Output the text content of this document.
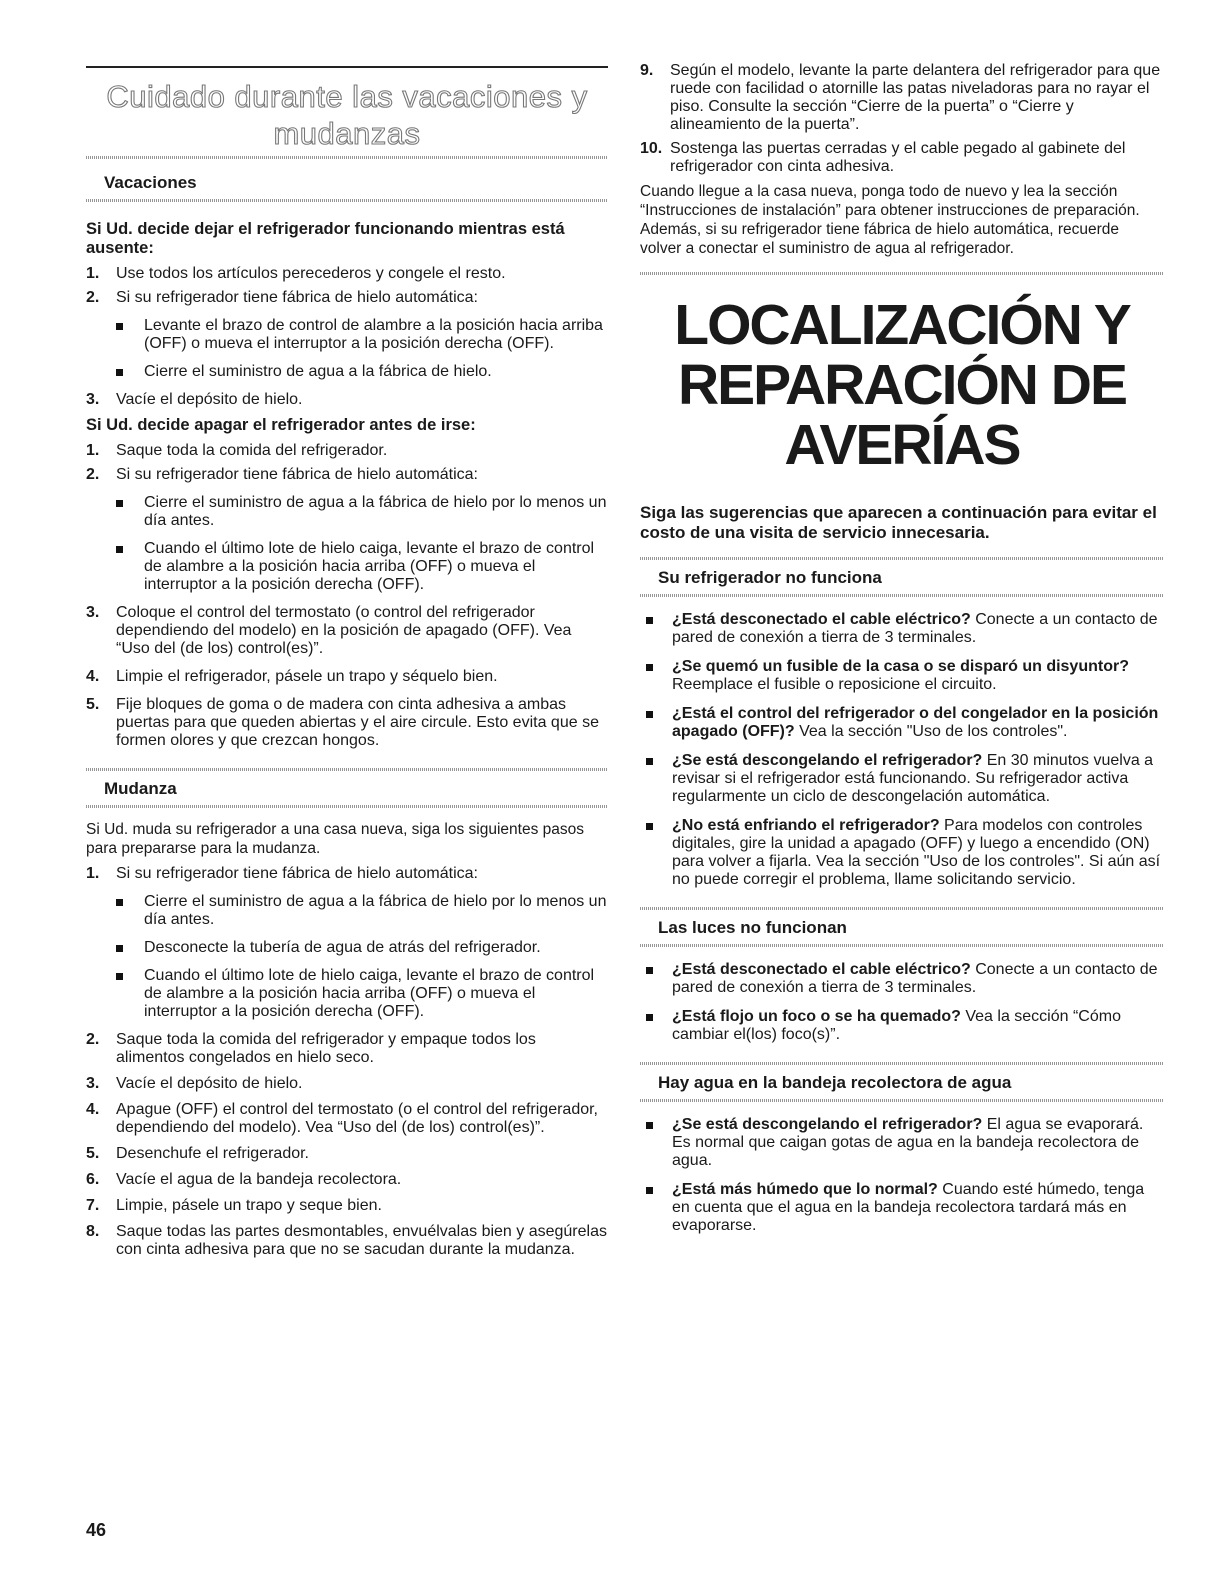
Cuidado durante las vacaciones y
mudanzas
Vacaciones

Si Ud. decide dejar el refrigerador funcionando mientras está ausente:

1. Use todos los artículos perecederos y congele el resto.
2. Si su refrigerador tiene fábrica de hielo automática:
Levante el brazo de control de alambre a la posición hacia arriba (OFF) o mueva el interruptor a la posición derecha (OFF).
Cierre el suministro de agua a la fábrica de hielo.
3. Vacíe el depósito de hielo.

Si Ud. decide apagar el refrigerador antes de irse:

1. Saque toda la comida del refrigerador.
2. Si su refrigerador tiene fábrica de hielo automática:
Cierre el suministro de agua a la fábrica de hielo por lo menos un día antes.
Cuando el último lote de hielo caiga, levante el brazo de control de alambre a la posición hacia arriba (OFF) o mueva el interruptor a la posición derecha (OFF).
3. Coloque el control del termostato (o control del refrigerador dependiendo del modelo) en la posición de apagado (OFF). Vea “Uso del (de los) control(es)”.
4. Limpie el refrigerador, pásele un trapo y séquelo bien.
5. Fije bloques de goma o de madera con cinta adhesiva a ambas puertas para que queden abiertas y el aire circule. Esto evita que se formen olores y que crezcan hongos.
Mudanza

Si Ud. muda su refrigerador a una casa nueva, siga los siguientes pasos para prepararse para la mudanza.

1. Si su refrigerador tiene fábrica de hielo automática:
Cierre el suministro de agua a la fábrica de hielo por lo menos un día antes.
Desconecte la tubería de agua de atrás del refrigerador.
Cuando el último lote de hielo caiga, levante el brazo de control de alambre a la posición hacia arriba (OFF) o mueva el interruptor a la posición derecha (OFF).
2. Saque toda la comida del refrigerador y empaque todos los alimentos congelados en hielo seco.
3. Vacíe el depósito de hielo.
4. Apague (OFF) el control del termostato (o el control del refrigerador, dependiendo del modelo). Vea “Uso del (de los) control(es)”.
5. Desenchufe el refrigerador.
6. Vacíe el agua de la bandeja recolectora.
7. Limpie, pásele un trapo y seque bien.
8. Saque todas las partes desmontables, envuélvalas bien y asegúrelas con cinta adhesiva para que no se sacudan durante la mudanza.
9. Según el modelo, levante la parte delantera del refrigerador para que ruede con facilidad o atornille las patas niveladoras para no rayar el piso. Consulte la sección “Cierre de la puerta” o “Cierre y alineamiento de la puerta”.
10. Sostenga las puertas cerradas y el cable pegado al gabinete del refrigerador con cinta adhesiva.

Cuando llegue a la casa nueva, ponga todo de nuevo y lea la sección “Instrucciones de instalación” para obtener instrucciones de preparación. Además, si su refrigerador tiene fábrica de hielo automática, recuerde volver a conectar el suministro de agua al refrigerador.

LOCALIZACIÓN Y

REPARACIÓN DE

AVERÍAS

Siga las sugerencias que aparecen a continuación para evitar el costo de una visita de servicio innecesaria.

Su refrigerador no funciona
¿Está desconectado el cable eléctrico? Conecte a un contacto de pared de conexión a tierra de 3 terminales.
¿Se quemó un fusible de la casa o se disparó un disyuntor? Reemplace el fusible o reposicione el circuito.
¿Está el control del refrigerador o del congelador en la posición apagado (OFF)? Vea la sección "Uso de los controles".
¿Se está descongelando el refrigerador? En 30 minutos vuelva a revisar si el refrigerador está funcionando. Su refrigerador activa regularmente un ciclo de descongelación automática.
¿No está enfriando el refrigerador? Para modelos con controles digitales, gire la unidad a apagado (OFF) y luego a encendido (ON) para volver a fijarla. Vea la sección "Uso de los controles". Si aún así no puede corregir el problema, llame solicitando servicio.
Las luces no funcionan
¿Está desconectado el cable eléctrico? Conecte a un contacto de pared de conexión a tierra de 3 terminales.
¿Está flojo un foco o se ha quemado? Vea la sección “Cómo cambiar el(los) foco(s)”.
Hay agua en la bandeja recolectora de agua
¿Se está descongelando el refrigerador? El agua se evaporará. Es normal que caigan gotas de agua en la bandeja recolectora de agua.
¿Está más húmedo que lo normal? Cuando esté húmedo, tenga en cuenta que el agua en la bandeja recolectora tardará más en evaporarse.
46
